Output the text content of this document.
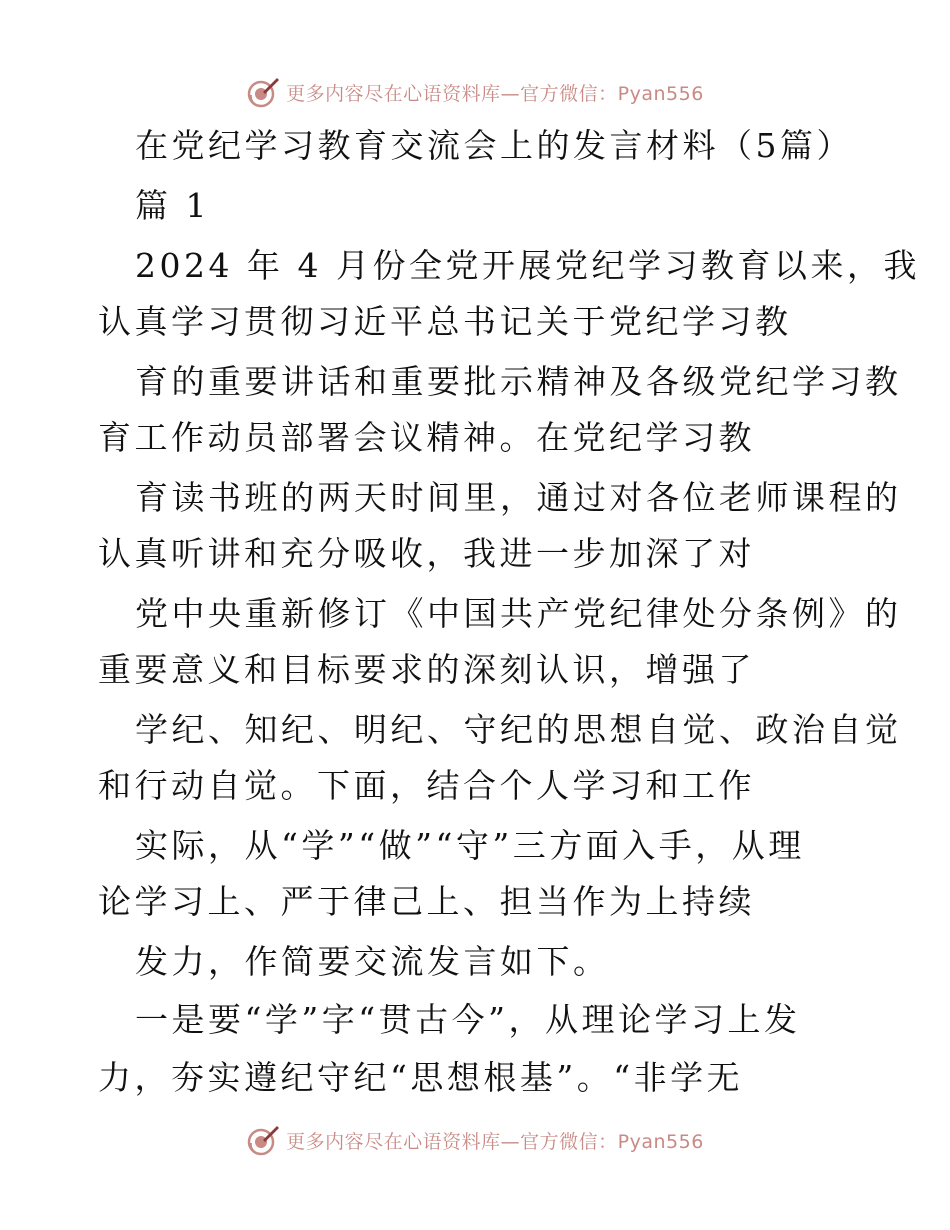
更多内容尽在心语资料库—官方微信：Pyan556
在党纪学习教育交流会上的发言材料（5篇）
篇 1
2024 年 4 月份全党开展党纪学习教育以来，我
认真学习贯彻习近平总书记关于党纪学习教
育的重要讲话和重要批示精神及各级党纪学习教
育工作动员部署会议精神。在党纪学习教
育读书班的两天时间里，通过对各位老师课程的
认真听讲和充分吸收，我进一步加深了对
党中央重新修订《中国共产党纪律处分条例》的
重要意义和目标要求的深刻认识，增强了
学纪、知纪、明纪、守纪的思想自觉、政治自觉
和行动自觉。下面，结合个人学习和工作
实际，从“学”“做”“守”三方面入手，从理
论学习上、严于律己上、担当作为上持续
发力，作简要交流发言如下。
一是要“学”字“贯古今”，从理论学习上发
力，夯实遵纪守纪“思想根基”。“非学无
更多内容尽在心语资料库—官方微信：Pyan556
